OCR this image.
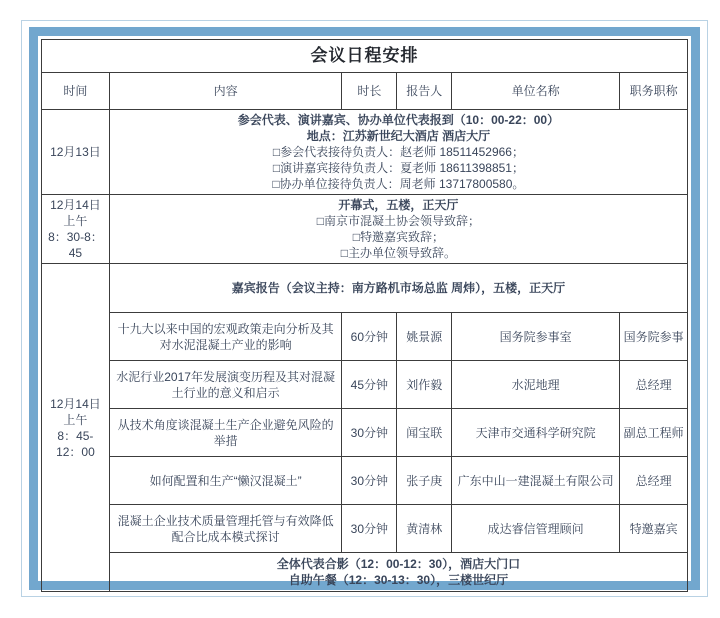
会议日程安排					
时间	内容	时长	报告人	单位名称	职务职称
12月13日	参会代表、演讲嘉宾、协办单位代表报到（10：00-22：00）
地点：江苏新世纪大酒店 酒店大厅
□参会代表接待负责人：赵老师 18511452966；
□演讲嘉宾接待负责人：夏老师 18611398851；
□协办单位接待负责人：周老师 13717800580。				

12月14日
上午
8：30-8：45	开幕式，五楼，正天厅
□南京市混凝土协会领导致辞；
□特邀嘉宾致辞；
□主办单位领导致辞。				

12月14日
上午
8：45-12：00	嘉宾报告（会议主持：南方路机市场总监 周炜），五楼，正天厅				
	十九大以来中国的宏观政策走向分析及其对水泥混凝土产业的影响	60分钟	姚景源	国务院参事室	国务院参事
	水泥行业2017年发展演变历程及其对混凝土行业的意义和启示	45分钟	刘作毅	水泥地理	总经理
	从技术角度谈混凝土生产企业避免风险的举措	30分钟	闻宝联	天津市交通科学研究院	副总工程师
	如何配置和生产“懒汉混凝土”	30分钟	张子庚	广东中山一建混凝土有限公司	总经理
	混凝土企业技术质量管理托管与有效降低配合比成本模式探讨	30分钟	黄清林	成达睿信管理顾问	特邀嘉宾

	全体代表合影（12：00-12：30），酒店大门口
自助午餐（12：30-13：30），三楼世纪厅				
